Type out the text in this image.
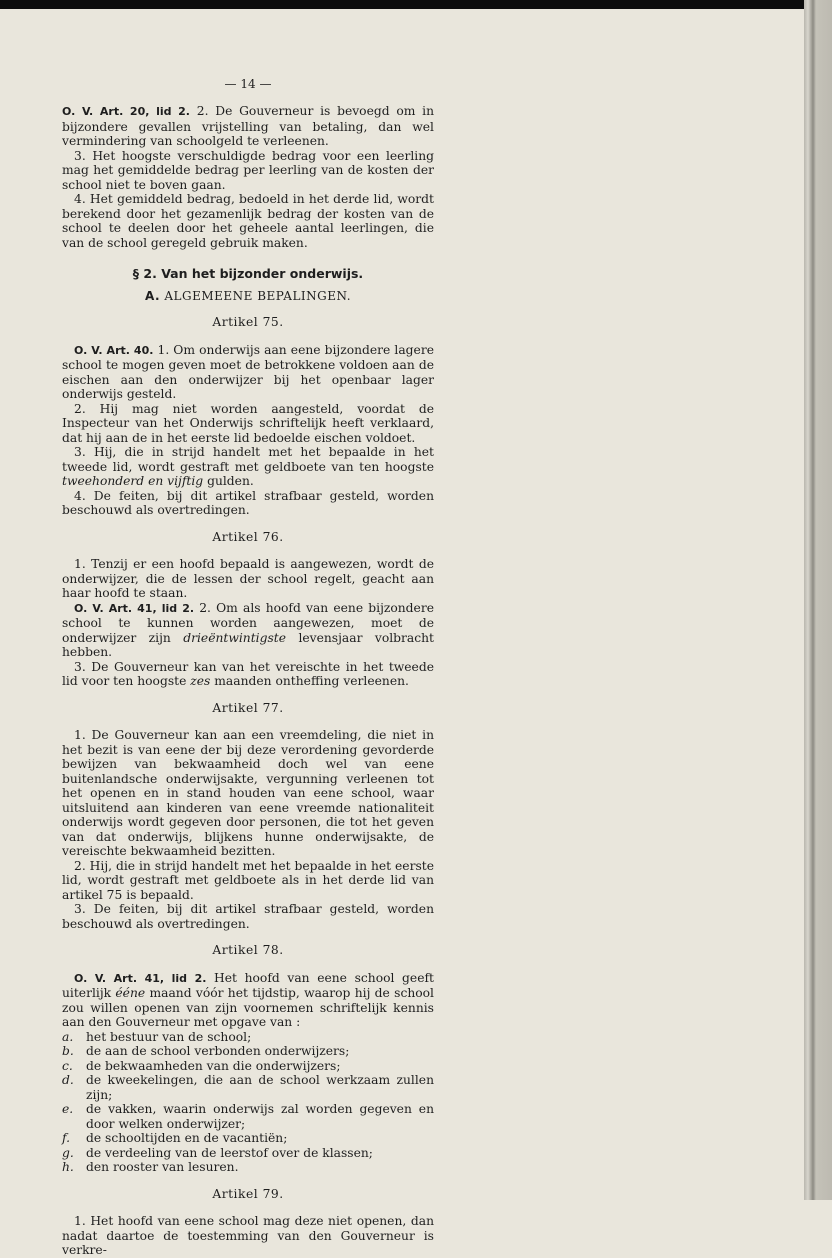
— 14 —

O. V. Art. 20, lid 2. 2. De Gouverneur is bevoegd om in bijzondere gevallen vrijstelling van betaling, dan wel vermindering van schoolgeld te verleenen.

3. Het hoogste verschuldigde bedrag voor een leerling mag het gemiddelde bedrag per leerling van de kosten der school niet te boven gaan.

4. Het gemiddeld bedrag, bedoeld in het derde lid, wordt berekend door het gezamenlijk bedrag der kosten van de school te deelen door het geheele aantal leerlingen, die van de school geregeld gebruik maken.

§ 2. Van het bijzonder onderwijs.
A. ALGEMEENE BEPALINGEN.
Artikel 75.

O. V. Art. 40. 1. Om onderwijs aan eene bijzondere lagere school te mogen geven moet de betrokkene voldoen aan de eischen aan den onderwijzer bij het openbaar lager onderwijs gesteld.

2. Hij mag niet worden aangesteld, voordat de Inspecteur van het Onderwijs schriftelijk heeft verklaard, dat hij aan de in het eerste lid bedoelde eischen voldoet.

3. Hij, die in strijd handelt met het bepaalde in het tweede lid, wordt gestraft met geldboete van ten hoogste tweehonderd en vijftig gulden.

4. De feiten, bij dit artikel strafbaar gesteld, worden beschouwd als overtredingen.

Artikel 76.

1. Tenzij er een hoofd bepaald is aangewezen, wordt de onderwijzer, die de lessen der school regelt, geacht aan haar hoofd te staan.

O. V. Art. 41, lid 2. 2. Om als hoofd van eene bijzondere school te kunnen worden aangewezen, moet de onderwijzer zijn drieëntwintigste levensjaar volbracht hebben.

3. De Gouverneur kan van het vereischte in het tweede lid voor ten hoogste zes maanden ontheffing verleenen.

Artikel 77.

1. De Gouverneur kan aan een vreemdeling, die niet in het bezit is van eene der bij deze verordening gevorderde bewijzen van bekwaamheid doch wel van eene buitenlandsche onderwijsakte, vergunning verleenen tot het openen en in stand houden van eene school, waar uitsluitend aan kinderen van eene vreemde nationaliteit onderwijs wordt gegeven door personen, die tot het geven van dat onderwijs, blijkens hunne onderwijsakte, de vereischte bekwaamheid bezitten.

2. Hij, die in strijd handelt met het bepaalde in het eerste lid, wordt gestraft met geldboete als in het derde lid van artikel 75 is bepaald.

3. De feiten, bij dit artikel strafbaar gesteld, worden beschouwd als overtredingen.

Artikel 78.

O. V. Art. 41, lid 2. Het hoofd van eene school geeft uiterlijk ééne maand vóór het tijdstip, waarop hij de school zou willen openen van zijn voornemen schriftelijk kennis aan den Gouverneur met opgave van :

a. het bestuur van de school;
b. de aan de school verbonden onderwijzers;
c. de bekwaamheden van die onderwijzers;
d. de kweekelingen, die aan de school werkzaam zullen zijn;
e. de vakken, waarin onderwijs zal worden gegeven en door welken onderwijzer;
f. de schooltijden en de vacantiën;
g. de verdeeling van de leerstof over de klassen;
h. den rooster van lesuren.
Artikel 79.

1. Het hoofd van eene school mag deze niet openen, dan nadat daartoe de toestemming van den Gouverneur is verkre-
